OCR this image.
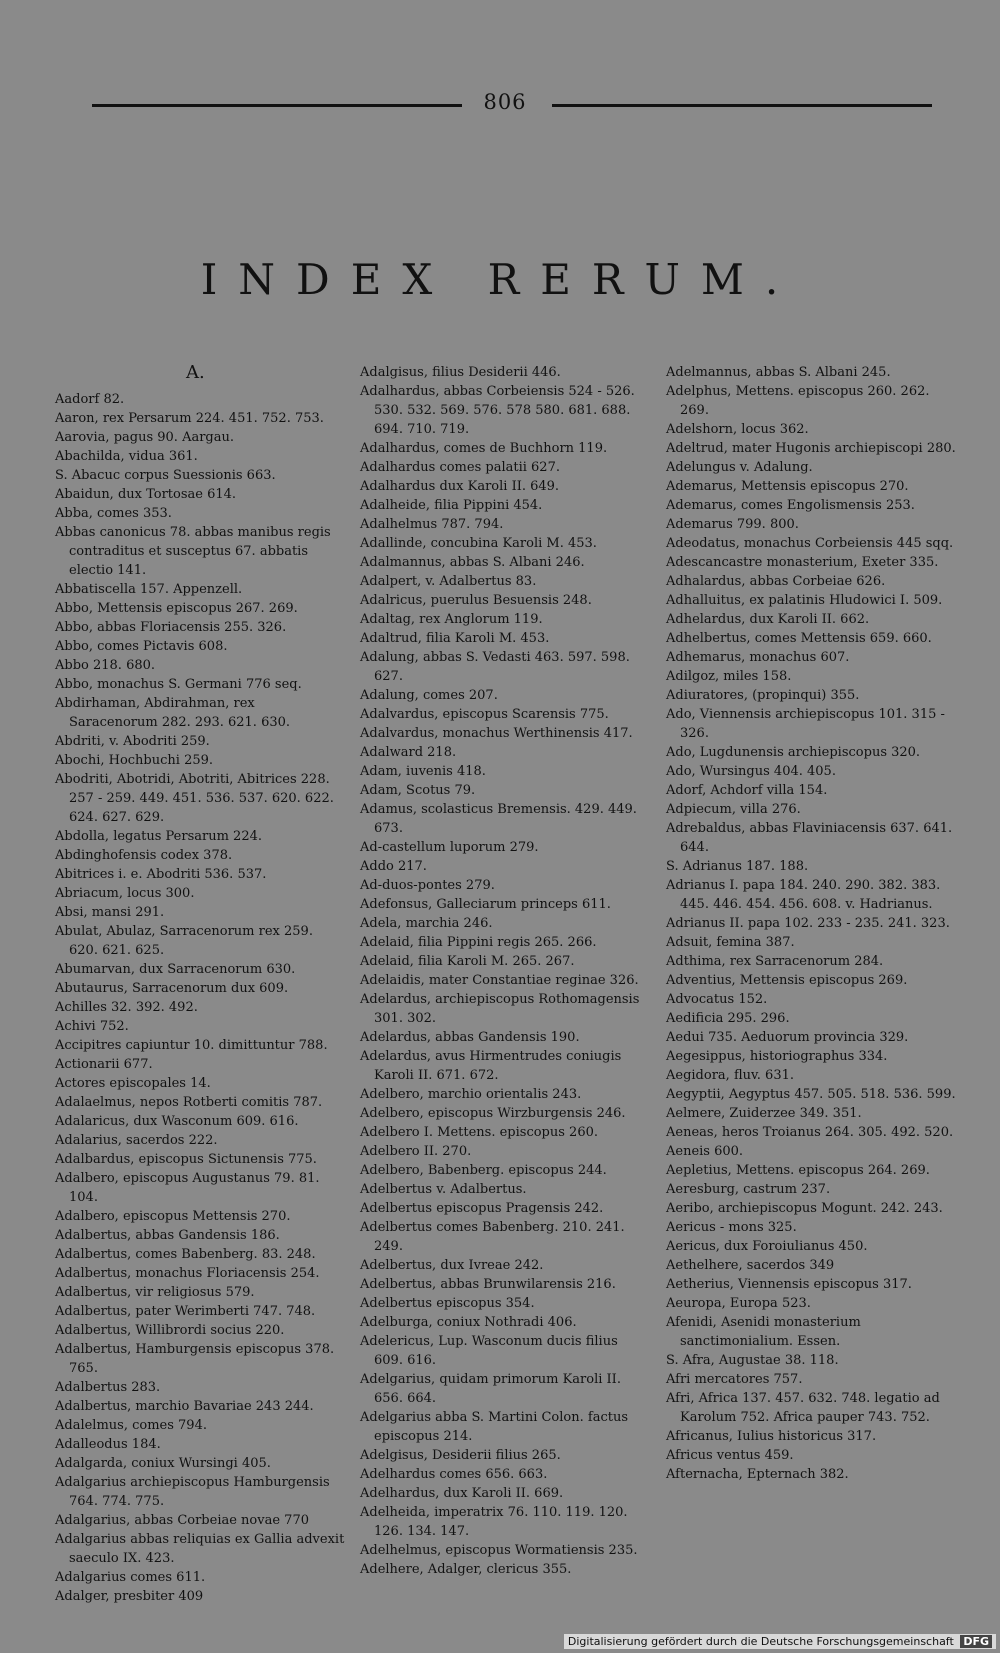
806
INDEX RERUM.
A.
Aadorf 82.
Aaron, rex Persarum 224. 451. 752. 753.
Aarovia, pagus 90. Aargau.
Abachilda, vidua 361.
S. Abacuc corpus Suessionis 663.
Abaidun, dux Tortosae 614.
Abba, comes 353.
Abbas canonicus 78. abbas manibus regis contraditus et susceptus 67. abbatis electio 141.
Abbatiscella 157. Appenzell.
Abbo, Mettensis episcopus 267. 269.
Abbo, abbas Floriacensis 255. 326.
Abbo, comes Pictavis 608.
Abbo 218. 680.
Abbo, monachus S. Germani 776 seq.
Abdirhaman, Abdirahman, rex Saracenorum 282. 293. 621. 630.
Abdriti, v. Abodriti 259.
Abochi, Hochbuchi 259.
Abodriti, Abotridi, Abotriti, Abitrices 228. 257 - 259. 449. 451. 536. 537. 620. 622. 624. 627. 629.
Abdolla, legatus Persarum 224.
Abdinghofensis codex 378.
Abitrices i. e. Abodriti 536. 537.
Abriacum, locus 300.
Absi, mansi 291.
Abulat, Abulaz, Sarracenorum rex 259. 620. 621. 625.
Abumarvan, dux Sarracenorum 630.
Abutaurus, Sarracenorum dux 609.
Achilles 32. 392. 492.
Achivi 752.
Accipitres capiuntur 10. dimittuntur 788.
Actionarii 677.
Actores episcopales 14.
Adalaelmus, nepos Rotberti comitis 787.
Adalaricus, dux Wasconum 609. 616.
Adalarius, sacerdos 222.
Adalbardus, episcopus Sictunensis 775.
Adalbero, episcopus Augustanus 79. 81. 104.
Adalbero, episcopus Mettensis 270.
Adalbertus, abbas Gandensis 186.
Adalbertus, comes Babenberg. 83. 248.
Adalbertus, monachus Floriacensis 254.
Adalbertus, vir religiosus 579.
Adalbertus, pater Werimberti 747. 748.
Adalbertus, Willibrordi socius 220.
Adalbertus, Hamburgensis episcopus 378. 765.
Adalbertus 283.
Adalbertus, marchio Bavariae 243 244.
Adalelmus, comes 794.
Adalleodus 184.
Adalgarda, coniux Wursingi 405.
Adalgarius archiepiscopus Hamburgensis 764. 774. 775.
Adalgarius, abbas Corbeiae novae 770
Adalgarius abbas reliquias ex Gallia advexit saeculo IX. 423.
Adalgarius comes 611.
Adalger, presbiter 409
Adalgisus, filius Desiderii 446.
Adalhardus, abbas Corbeiensis 524 - 526. 530. 532. 569. 576. 578 580. 681. 688. 694. 710. 719.
Adalhardus, comes de Buchhorn 119.
Adalhardus comes palatii 627.
Adalhardus dux Karoli II. 649.
Adalheide, filia Pippini 454.
Adalhelmus 787. 794.
Adallinde, concubina Karoli M. 453.
Adalmannus, abbas S. Albani 246.
Adalpert, v. Adalbertus 83.
Adalricus, puerulus Besuensis 248.
Adaltag, rex Anglorum 119.
Adaltrud, filia Karoli M. 453.
Adalung, abbas S. Vedasti 463. 597. 598. 627.
Adalung, comes 207.
Adalvardus, episcopus Scarensis 775.
Adalvardus, monachus Werthinensis 417.
Adalward 218.
Adam, iuvenis 418.
Adam, Scotus 79.
Adamus, scolasticus Bremensis. 429. 449. 673.
Ad-castellum luporum 279.
Addo 217.
Ad-duos-pontes 279.
Adefonsus, Galleciarum princeps 611.
Adela, marchia 246.
Adelaid, filia Pippini regis 265. 266.
Adelaid, filia Karoli M. 265. 267.
Adelaidis, mater Constantiae reginae 326.
Adelardus, archiepiscopus Rothomagensis 301. 302.
Adelardus, abbas Gandensis 190.
Adelardus, avus Hirmentrudes coniugis Karoli II. 671. 672.
Adelbero, marchio orientalis 243.
Adelbero, episcopus Wirzburgensis 246.
Adelbero I. Mettens. episcopus 260.
Adelbero II. 270.
Adelbero, Babenberg. episcopus 244.
Adelbertus v. Adalbertus.
Adelbertus episcopus Pragensis 242.
Adelbertus comes Babenberg. 210. 241. 249.
Adelbertus, dux Ivreae 242.
Adelbertus, abbas Brunwilarensis 216.
Adelbertus episcopus 354.
Adelburga, coniux Nothradi 406.
Adelericus, Lup. Wasconum ducis filius 609. 616.
Adelgarius, quidam primorum Karoli II. 656. 664.
Adelgarius abba S. Martini Colon. factus episcopus 214.
Adelgisus, Desiderii filius 265.
Adelhardus comes 656. 663.
Adelhardus, dux Karoli II. 669.
Adelheida, imperatrix 76. 110. 119. 120. 126. 134. 147.
Adelhelmus, episcopus Wormatiensis 235.
Adelhere, Adalger, clericus 355.
Adelmannus, abbas S. Albani 245.
Adelphus, Mettens. episcopus 260. 262. 269.
Adelshorn, locus 362.
Adeltrud, mater Hugonis archiepiscopi 280.
Adelungus v. Adalung.
Ademarus, Mettensis episcopus 270.
Ademarus, comes Engolismensis 253.
Ademarus 799. 800.
Adeodatus, monachus Corbeiensis 445 sqq.
Adescancastre monasterium, Exeter 335.
Adhalardus, abbas Corbeiae 626.
Adhalluitus, ex palatinis Hludowici I. 509.
Adhelardus, dux Karoli II. 662.
Adhelbertus, comes Mettensis 659. 660.
Adhemarus, monachus 607.
Adilgoz, miles 158.
Adiuratores, (propinqui) 355.
Ado, Viennensis archiepiscopus 101. 315 - 326.
Ado, Lugdunensis archiepiscopus 320.
Ado, Wursingus 404. 405.
Adorf, Achdorf villa 154.
Adpiecum, villa 276.
Adrebaldus, abbas Flaviniacensis 637. 641. 644.
S. Adrianus 187. 188.
Adrianus I. papa 184. 240. 290. 382. 383. 445. 446. 454. 456. 608. v. Hadrianus.
Adrianus II. papa 102. 233 - 235. 241. 323.
Adsuit, femina 387.
Adthima, rex Sarracenorum 284.
Adventius, Mettensis episcopus 269.
Advocatus 152.
Aedificia 295. 296.
Aedui 735. Aeduorum provincia 329.
Aegesippus, historiographus 334.
Aegidora, fluv. 631.
Aegyptii, Aegyptus 457. 505. 518. 536. 599.
Aelmere, Zuiderzee 349. 351.
Aeneas, heros Troianus 264. 305. 492. 520.
Aeneis 600.
Aepletius, Mettens. episcopus 264. 269.
Aeresburg, castrum 237.
Aeribo, archiepiscopus Mogunt. 242. 243.
Aericus - mons 325.
Aericus, dux Foroiulianus 450.
Aethelhere, sacerdos 349
Aetherius, Viennensis episcopus 317.
Aeuropa, Europa 523.
Afenidi, Asenidi monasterium sanctimonialium. Essen.
S. Afra, Augustae 38. 118.
Afri mercatores 757.
Afri, Africa 137. 457. 632. 748. legatio ad Karolum 752. Africa pauper 743. 752.
Africanus, Iulius historicus 317.
Africus ventus 459.
Afternacha, Epternach 382.
Digitalisierung gefördert durch die Deutsche Forschungsgemeinschaft DFG
